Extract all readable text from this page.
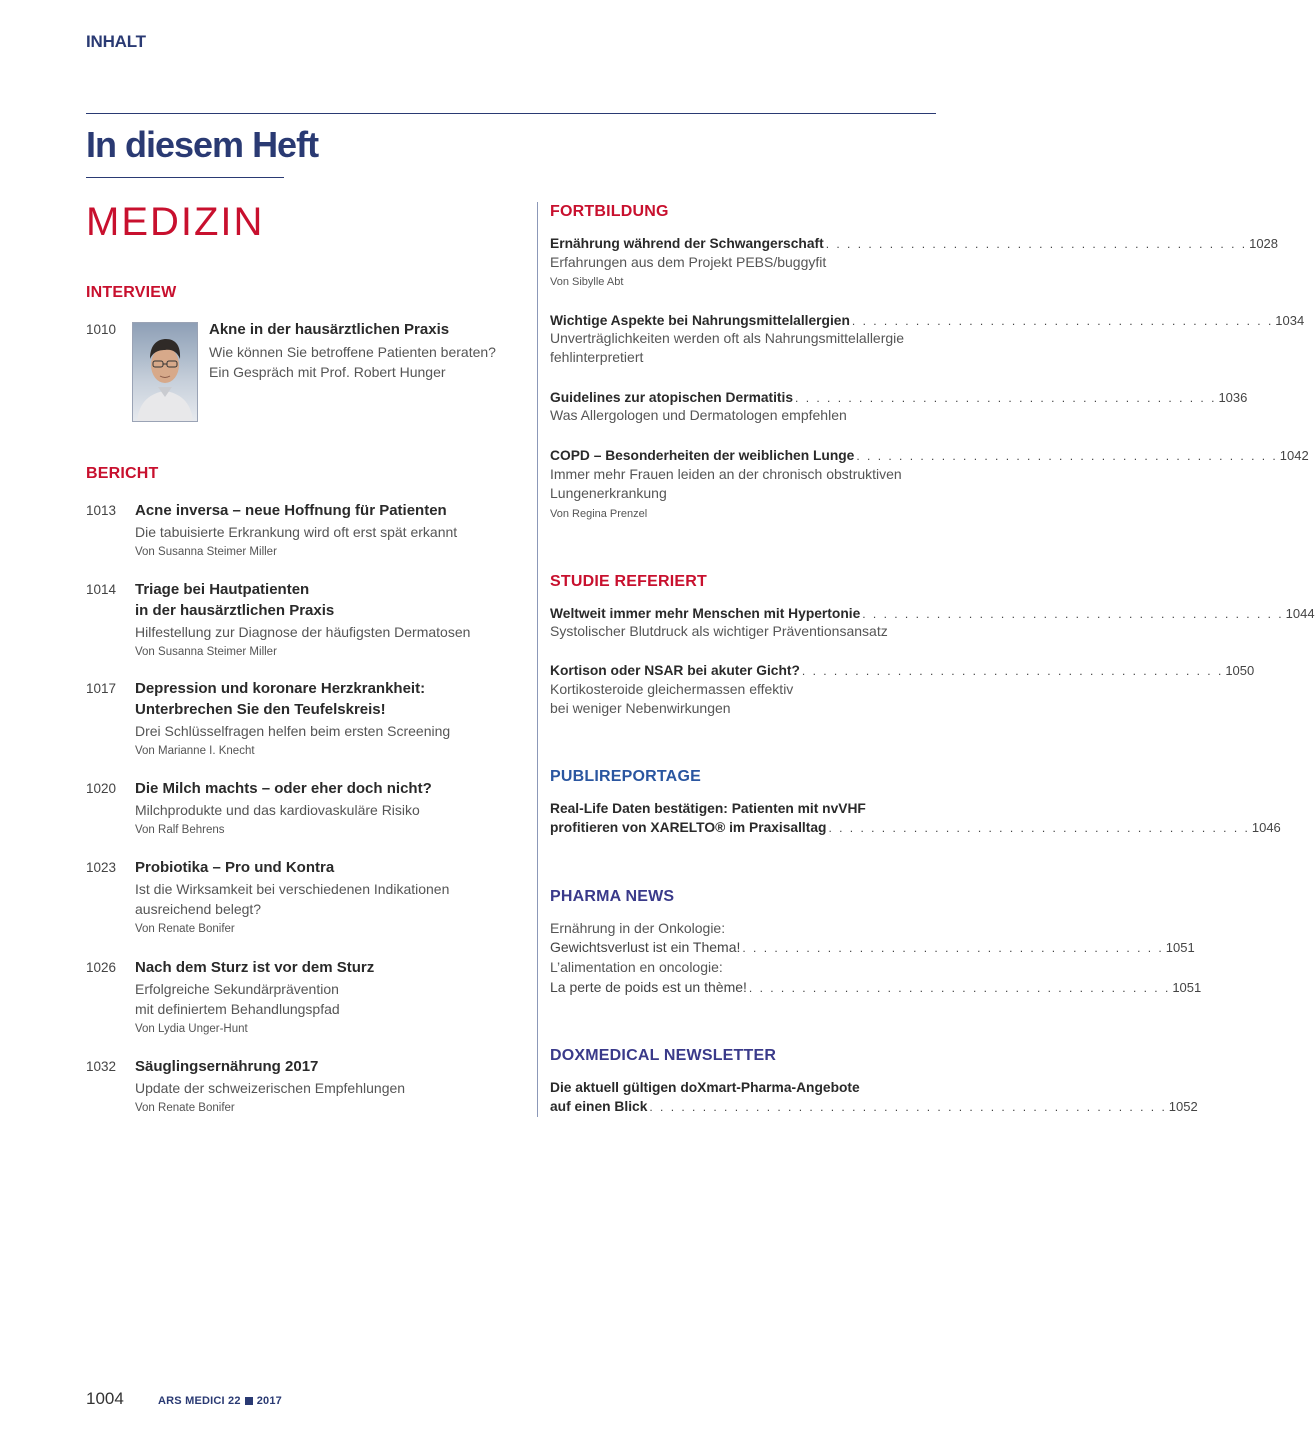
INHALT
In diesem Heft
MEDIZIN
INTERVIEW
1010	Akne in der hausärztlichen Praxis
Wie können Sie betroffene Patienten beraten?
Ein Gespräch mit Prof. Robert Hunger
BERICHT
1013 Acne inversa – neue Hoffnung für Patienten
Die tabuisierte Erkrankung wird oft erst spät erkannt
Von Susanna Steimer Miller
1014 Triage bei Hautpatienten
in der hausärztlichen Praxis
Hilfestellung zur Diagnose der häufigsten Dermatosen
Von Susanna Steimer Miller
1017 Depression und koronare Herzkrankheit:
Unterbrechen Sie den Teufelskreis!
Drei Schlüsselfragen helfen beim ersten Screening
Von Marianne I. Knecht
1020 Die Milch machts – oder eher doch nicht?
Milchprodukte und das kardiovaskuläre Risiko
Von Ralf Behrens
1023 Probiotika – Pro und Kontra
Ist die Wirksamkeit bei verschiedenen Indikationen
ausreichend belegt?
Von Renate Bonifer
1026 Nach dem Sturz ist vor dem Sturz
Erfolgreiche Sekundärprävention
mit definiertem Behandlungspfad
Von Lydia Unger-Hunt
1032 Säuglingsernährung 2017
Update der schweizerischen Empfehlungen
Von Renate Bonifer
FORTBILDUNG
Ernährung während der Schwangerschaft . . . . . . . . . . . . . . . . . . . . . . . . . . . . . . . . . . . . . . . . 1028
Erfahrungen aus dem Projekt PEBS/buggyfit
Von Sibylle Abt
Wichtige Aspekte bei Nahrungsmittelallergien . . . . . . . . . . . . . . . . . . . . . . . . . . . . . . . . . . . . . . . . 1034
Unverträglichkeiten werden oft als Nahrungsmittelallergie
fehlinterpretiert
Guidelines zur atopischen Dermatitis . . . . . . . . . . . . . . . . . . . . . . . . . . . . . . . . . . . . . . . . 1036
Was Allergologen und Dermatologen empfehlen
COPD – Besonderheiten der weiblichen Lunge . . . . . . . . . . . . . . . . . . . . . . . . . . . . . . . . . . . . . . . . 1042
Immer mehr Frauen leiden an der chronisch obstruktiven
Lungenerkrankung
Von Regina Prenzel
STUDIE REFERIERT
Weltweit immer mehr Menschen mit Hypertonie . . . . . . . . . . . . . . . . . . . . . . . . . . . . . . . . . . . . . . . . 1044
Systolischer Blutdruck als wichtiger Präventionsansatz
Kortison oder NSAR bei akuter Gicht? . . . . . . . . . . . . . . . . . . . . . . . . . . . . . . . . . . . . . . . . 1050
Kortikosteroide gleichermassen effektiv
bei weniger Nebenwirkungen
PUBLIREPORTAGE
Real-Life Daten bestätigen: Patienten mit nvVHF
profitieren von XARELTO® im Praxisalltag . . . . . . . . . . . . . . . . . . . . . . . . . . . . . . . . . . . . . . . . 1046
PHARMA NEWS
Ernährung in der Onkologie:
Gewichtsverlust ist ein Thema! . . . . . . . . . . . . . . . . . . . . . . . . . . . . . . . . . . . . . . . . 1051
L’alimentation en oncologie:
La perte de poids est un thème! . . . . . . . . . . . . . . . . . . . . . . . . . . . . . . . . . . . . . . . . 1051
DOXMEDICAL NEWSLETTER
Die aktuell gültigen doXmart-Pharma-Angebote
auf einen Blick . . . . . . . . . . . . . . . . . . . . . . . . . . . . . . . . . . . . . . . . . . . . . . . . . 1052
1004	ARS MEDICI 22 2017
